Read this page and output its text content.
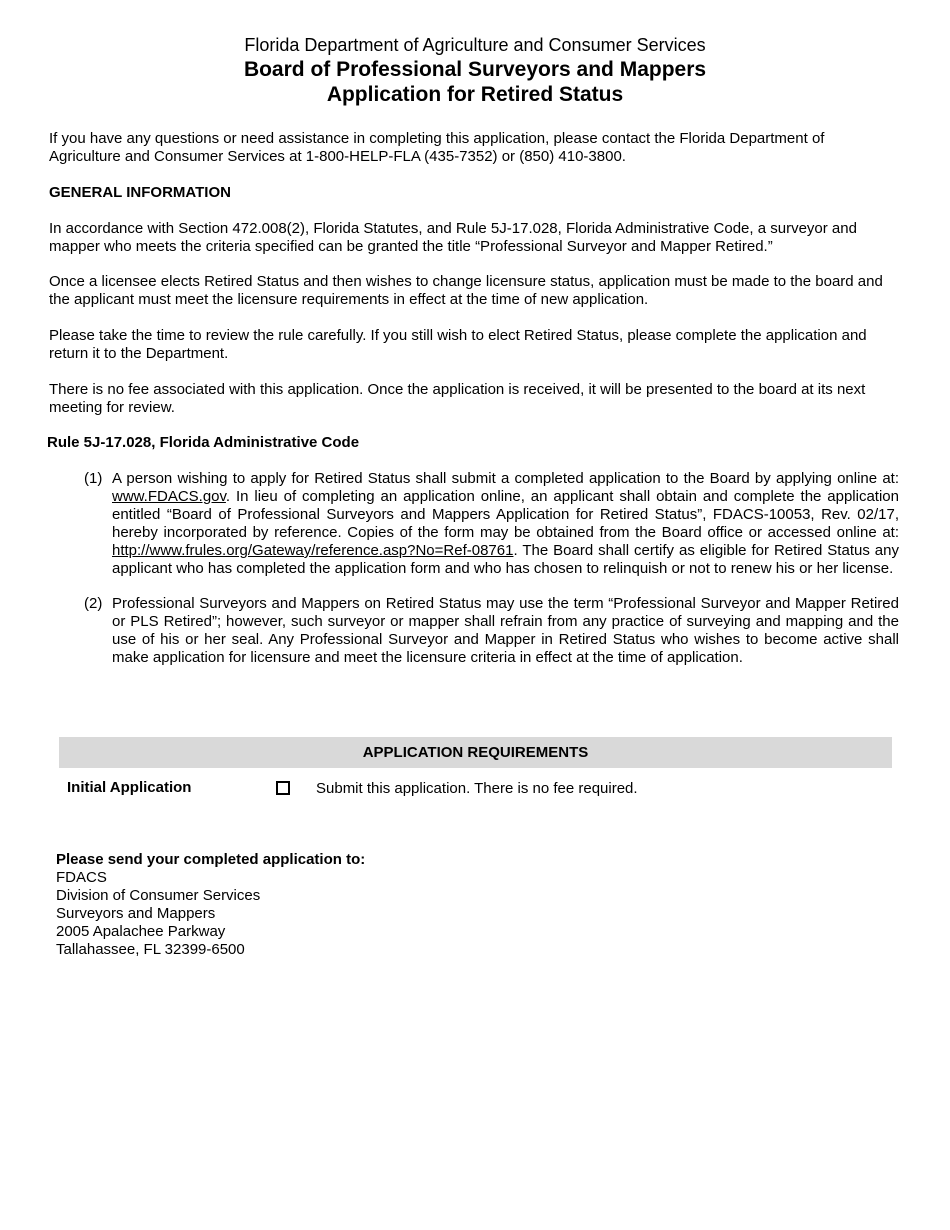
Florida Department of Agriculture and Consumer Services
Board of Professional Surveyors and Mappers
Application for Retired Status
If you have any questions or need assistance in completing this application, please contact the Florida Department of Agriculture and Consumer Services at 1-800-HELP-FLA (435-7352) or (850) 410-3800.
GENERAL INFORMATION
In accordance with Section 472.008(2), Florida Statutes, and Rule 5J-17.028, Florida Administrative Code, a surveyor and mapper who meets the criteria specified can be granted the title “Professional Surveyor and Mapper Retired.”
Once a licensee elects Retired Status and then wishes to change licensure status, application must be made to the board and the applicant must meet the licensure requirements in effect at the time of new application.
Please take the time to review the rule carefully. If you still wish to elect Retired Status, please complete the application and return it to the Department.
There is no fee associated with this application. Once the application is received, it will be presented to the board at its next meeting for review.
Rule 5J-17.028, Florida Administrative Code
(1) A person wishing to apply for Retired Status shall submit a completed application to the Board by applying online at: www.FDACS.gov. In lieu of completing an application online, an applicant shall obtain and complete the application entitled “Board of Professional Surveyors and Mappers Application for Retired Status”, FDACS-10053, Rev. 02/17, hereby incorporated by reference. Copies of the form may be obtained from the Board office or accessed online at: http://www.frules.org/Gateway/reference.asp?No=Ref-08761. The Board shall certify as eligible for Retired Status any applicant who has completed the application form and who has chosen to relinquish or not to renew his or her license.
(2) Professional Surveyors and Mappers on Retired Status may use the term “Professional Surveyor and Mapper Retired or PLS Retired”; however, such surveyor or mapper shall refrain from any practice of surveying and mapping and the use of his or her seal. Any Professional Surveyor and Mapper in Retired Status who wishes to become active shall make application for licensure and meet the licensure criteria in effect at the time of application.
APPLICATION REQUIREMENTS
Initial Application	Submit this application. There is no fee required.
Please send your completed application to:
FDACS
Division of Consumer Services
Surveyors and Mappers
2005 Apalachee Parkway
Tallahassee, FL 32399-6500
